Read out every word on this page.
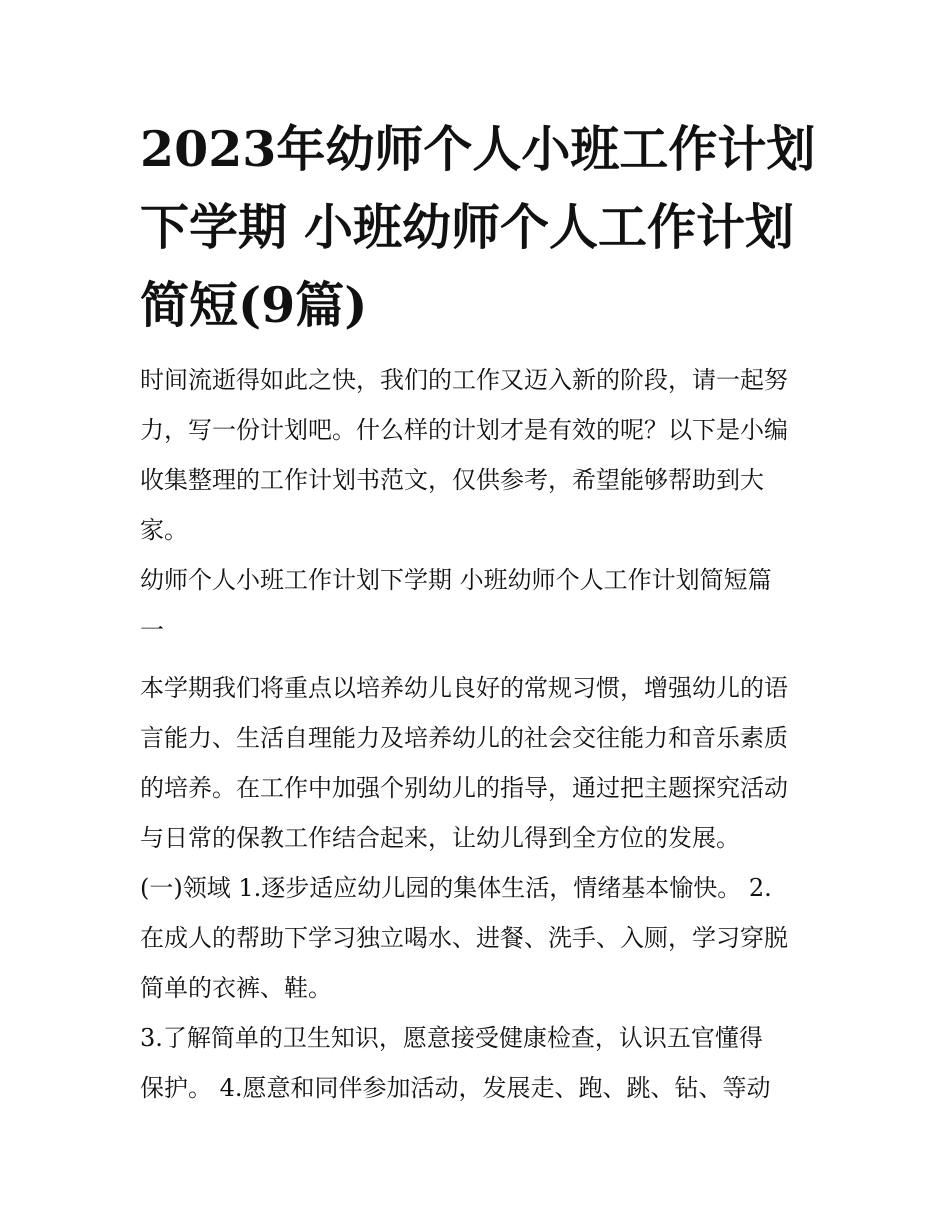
2023年幼师个人小班工作计划
下学期 小班幼师个人工作计划
简短(9篇)

时间流逝得如此之快，我们的工作又迈入新的阶段，请一起努
力，写一份计划吧。什么样的计划才是有效的呢？以下是小编
收集整理的工作计划书范文，仅供参考，希望能够帮助到大
家。

幼师个人小班工作计划下学期 小班幼师个人工作计划简短篇
一

本学期我们将重点以培养幼儿良好的常规习惯，增强幼儿的语
言能力、生活自理能力及培养幼儿的社会交往能力和音乐素质
的培养。在工作中加强个别幼儿的指导，通过把主题探究活动
与日常的保教工作结合起来，让幼儿得到全方位的发展。

(一)领域 1.逐步适应幼儿园的集体生活，情绪基本愉快。 2.
在成人的帮助下学习独立喝水、进餐、洗手、入厕，学习穿脱
简单的衣裤、鞋。

3.了解简单的卫生知识，愿意接受健康检查，认识五官懂得
保护。 4.愿意和同伴参加活动，发展走、跑、跳、钻、等动
